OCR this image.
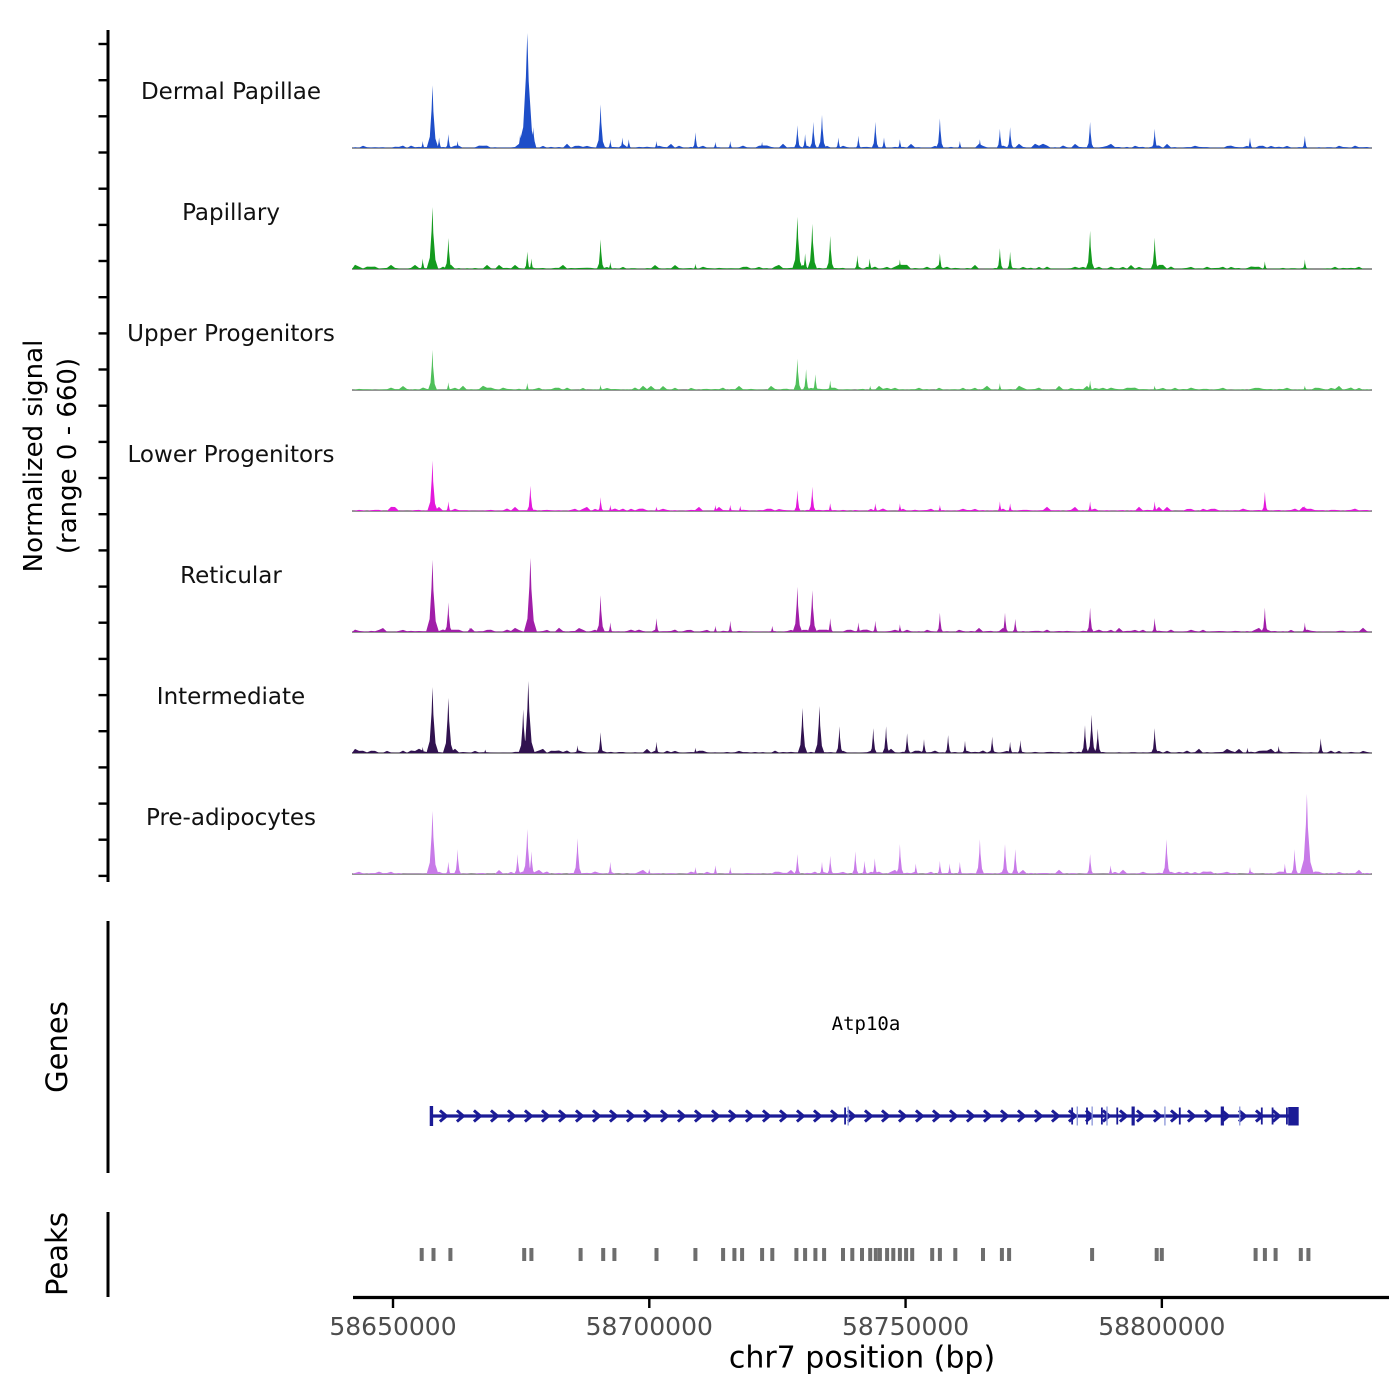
Normalized signal (range 0 - 660)
Genes
Peaks
Atp10a
chr7 position (bp)
Dermal Papillae
Papillary
Upper Progenitors
Lower Progenitors
Reticular
Intermediate
Pre-adipocytes
58650000	58700000	58750000	58800000
